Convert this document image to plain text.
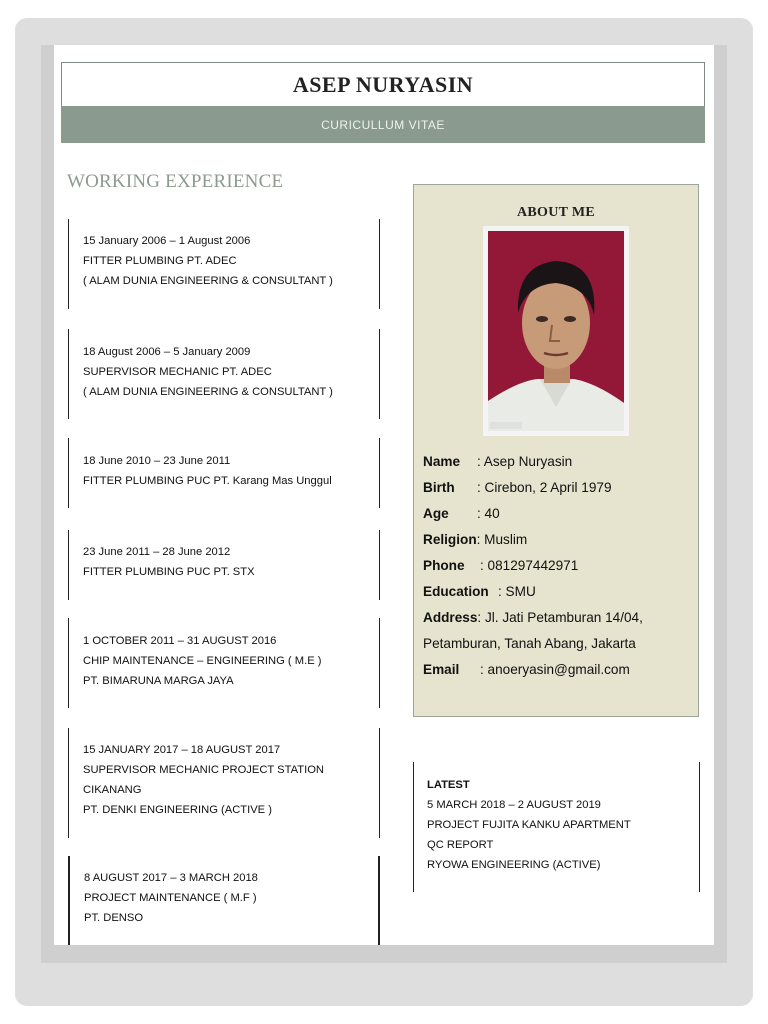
ASEP NURYASIN
CURICULLUM VITAE
WORKING EXPERIENCE
15 January 2006 – 1 August 2006
FITTER PLUMBING PT. ADEC
( ALAM DUNIA ENGINEERING & CONSULTANT )
18 August 2006 – 5 January 2009
SUPERVISOR MECHANIC PT. ADEC
( ALAM DUNIA ENGINEERING & CONSULTANT )
18 June 2010 – 23 June 2011
FITTER PLUMBING PUC PT. Karang Mas Unggul
23 June 2011 – 28 June 2012
FITTER PLUMBING PUC PT. STX
1 OCTOBER 2011 – 31 AUGUST 2016
CHIP MAINTENANCE – ENGINEERING ( M.E )
PT. BIMARUNA MARGA JAYA
15 JANUARY 2017 – 18 AUGUST 2017
SUPERVISOR MECHANIC PROJECT STATION
CIKANANG
PT. DENKI ENGINEERING (ACTIVE )
8 AUGUST 2017 – 3 MARCH 2018
PROJECT MAINTENANCE ( M.F )
PT. DENSO
ABOUT ME
Name : Asep Nuryasin
Birth : Cirebon, 2 April 1979
Age : 40
Religion: Muslim
Phone : 081297442971
Education : SMU
Address: Jl. Jati Petamburan 14/04,
Petamburan, Tanah Abang, Jakarta
Email : anoeryasin@gmail.com
LATEST
5 MARCH 2018 – 2 AUGUST 2019
PROJECT FUJITA KANKU APARTMENT
QC REPORT
RYOWA ENGINEERING (ACTIVE)
